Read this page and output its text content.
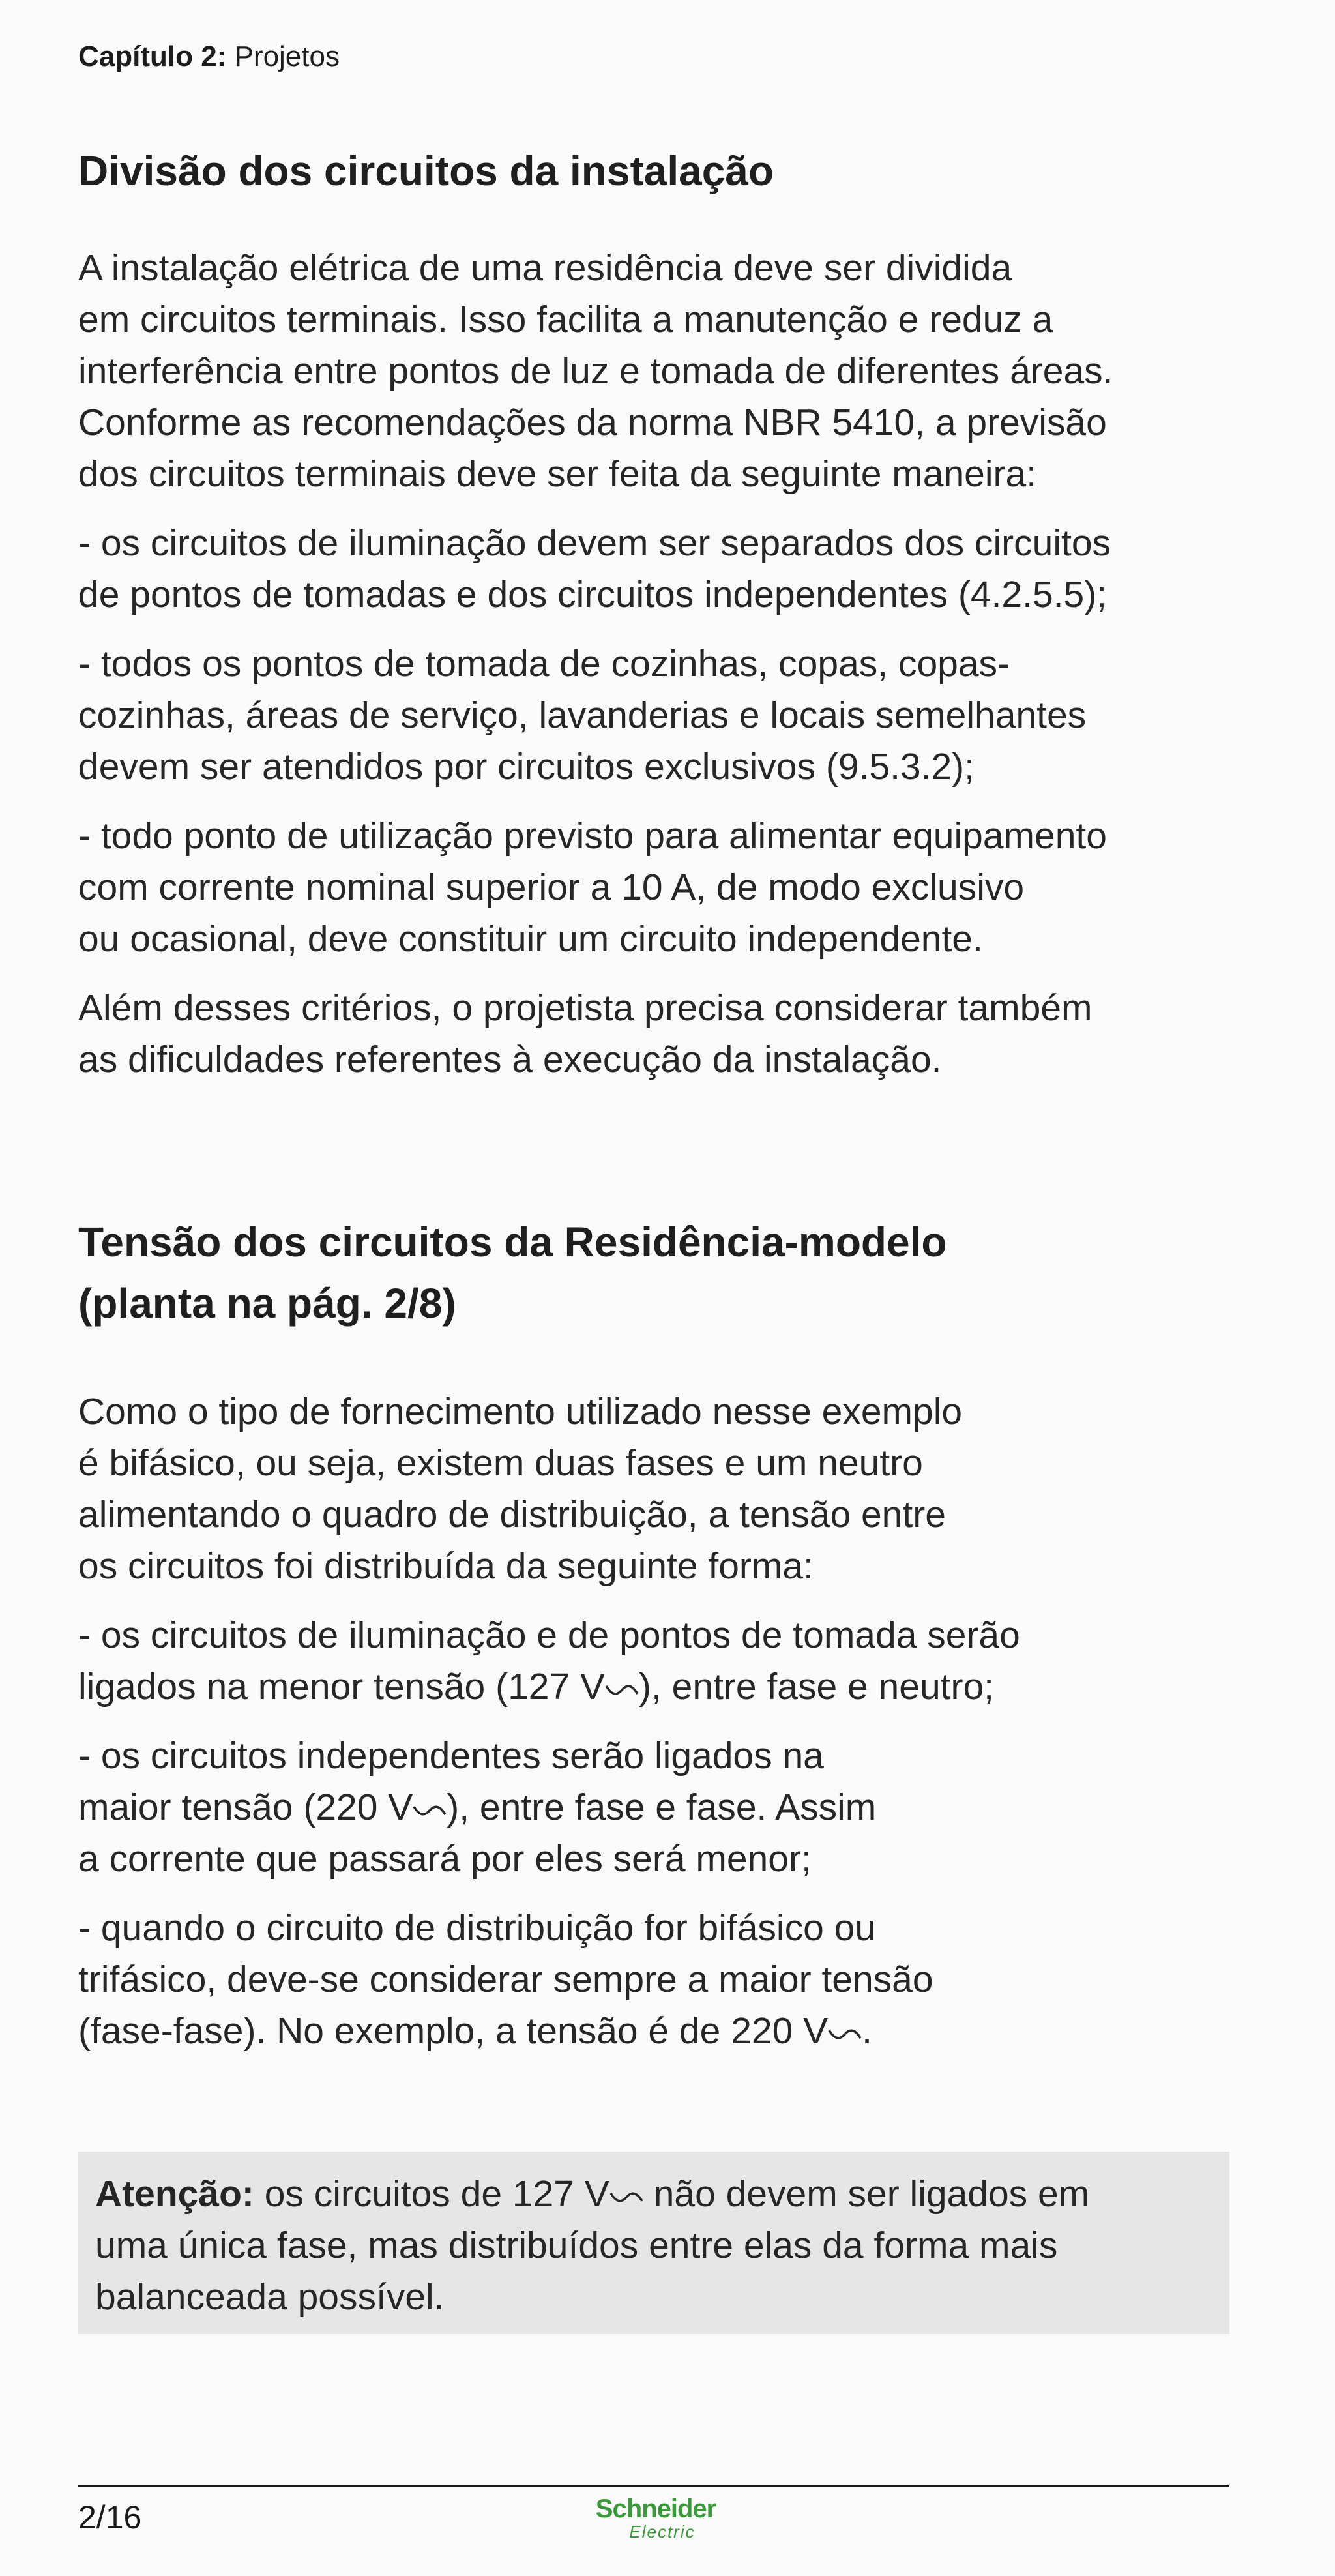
Capítulo 2: Projetos
Divisão dos circuitos da instalação

A instalação elétrica de uma residência deve ser dividida
em circuitos terminais. Isso facilita a manutenção e reduz a
interferência entre pontos de luz e tomada de diferentes áreas.
Conforme as recomendações da norma NBR 5410, a previsão
dos circuitos terminais deve ser feita da seguinte maneira:

- os circuitos de iluminação devem ser separados dos circuitos
de pontos de tomadas e dos circuitos independentes (4.2.5.5);

- todos os pontos de tomada de cozinhas, copas, copas-
cozinhas, áreas de serviço, lavanderias e locais semelhantes
devem ser atendidos por circuitos exclusivos (9.5.3.2);

- todo ponto de utilização previsto para alimentar equipamento
com corrente nominal superior a 10 A, de modo exclusivo
ou ocasional, deve constituir um circuito independente.

Além desses critérios, o projetista precisa considerar também
as dificuldades referentes à execução da instalação.

Tensão dos circuitos da Residência-modelo
(planta na pág. 2/8)

Como o tipo de fornecimento utilizado nesse exemplo
é bifásico, ou seja, existem duas fases e um neutro
alimentando o quadro de distribuição, a tensão entre
os circuitos foi distribuída da seguinte forma:

- os circuitos de iluminação e de pontos de tomada serão
ligados na menor tensão (127 V ), entre fase e neutro;

- os circuitos independentes serão ligados na
maior tensão (220 V ), entre fase e fase. Assim
a corrente que passará por eles será menor;

- quando o circuito de distribuição for bifásico ou
trifásico, deve-se considerar sempre a maior tensão
(fase-fase). No exemplo, a tensão é de 220 V .

Atenção: os circuitos de 127 V não devem ser ligados em
uma única fase, mas distribuídos entre elas da forma mais
balanceada possível.

2/16	Schneider
Electric
